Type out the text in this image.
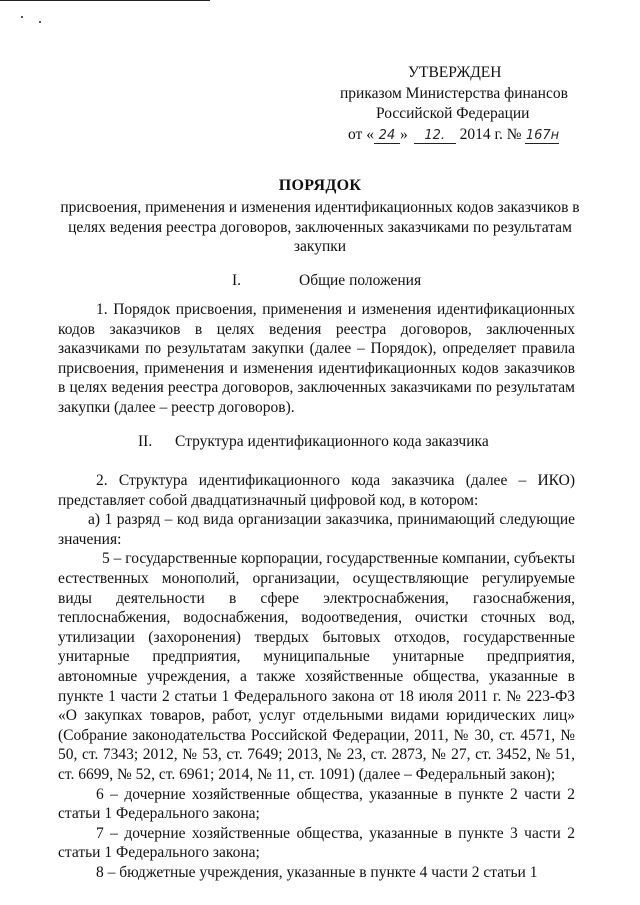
УТВЕРЖДЕН
приказом Министерства финансов
Российской Федерации
от « 24 » 12. 2014 г. № 167н
ПОРЯДОК
присвоения, применения и изменения идентификационных кодов заказчиков в целях ведения реестра договоров, заключенных заказчиками по результатам закупки
I.	Общие положения

1. Порядок присвоения, применения и изменения идентификационных кодов заказчиков в целях ведения реестра договоров, заключенных заказчиками по результатам закупки (далее – Порядок), определяет правила присвоения, применения и изменения идентификационных кодов заказчиков в целях ведения реестра договоров, заключенных заказчиками по результатам закупки (далее – реестр договоров).

II. Структура идентификационного кода заказчика

2. Структура идентификационного кода заказчика (далее – ИКО) представляет собой двадцатизначный цифровой код, в котором:

а) 1 разряд – код вида организации заказчика, принимающий следующие значения:

5 – государственные корпорации, государственные компании, субъекты естественных монополий, организации, осуществляющие регулируемые виды деятельности в сфере электроснабжения, газоснабжения, теплоснабжения, водоснабжения, водоотведения, очистки сточных вод, утилизации (захоронения) твердых бытовых отходов, государственные унитарные предприятия, муниципальные унитарные предприятия, автономные учреждения, а также хозяйственные общества, указанные в пункте 1 части 2 статьи 1 Федерального закона от 18 июля 2011 г. № 223-ФЗ «О закупках товаров, работ, услуг отдельными видами юридических лиц» (Собрание законодательства Российской Федерации, 2011, № 30, ст. 4571, № 50, ст. 7343; 2012, № 53, ст. 7649; 2013, № 23, ст. 2873, № 27, ст. 3452, № 51, ст. 6699, № 52, ст. 6961; 2014, № 11, ст. 1091) (далее – Федеральный закон);

6 – дочерние хозяйственные общества, указанные в пункте 2 части 2 статьи 1 Федерального закона;

7 – дочерние хозяйственные общества, указанные в пункте 3 части 2 статьи 1 Федерального закона;

8 – бюджетные учреждения, указанные в пункте 4 части 2 статьи 1
